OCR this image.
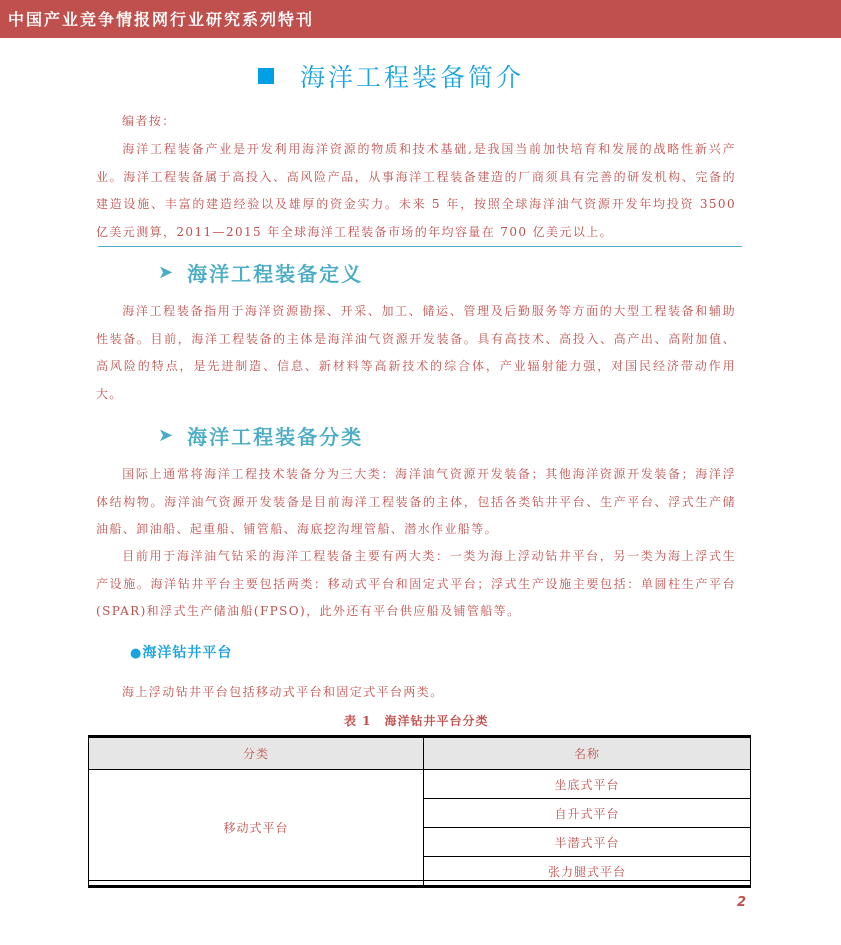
中国产业竞争情报网行业研究系列特刊
海洋工程装备简介

编者按：

海洋工程装备产业是开发利用海洋资源的物质和技术基础,是我国当前加快培育和发展的战略性新兴产业。海洋工程装备属于高投入、高风险产品，从事海洋工程装备建造的厂商须具有完善的研发机构、完备的建造设施、丰富的建造经验以及雄厚的资金实力。未来 5 年，按照全球海洋油气资源开发年均投资 3500 亿美元测算，2011—2015 年全球海洋工程装备市场的年均容量在 700 亿美元以上。

➤ 海洋工程装备定义

海洋工程装备指用于海洋资源勘探、开采、加工、储运、管理及后勤服务等方面的大型工程装备和辅助性装备。目前，海洋工程装备的主体是海洋油气资源开发装备。具有高技术、高投入、高产出、高附加值、高风险的特点，是先进制造、信息、新材料等高新技术的综合体，产业辐射能力强，对国民经济带动作用大。

➤ 海洋工程装备分类

国际上通常将海洋工程技术装备分为三大类：海洋油气资源开发装备；其他海洋资源开发装备；海洋浮体结构物。海洋油气资源开发装备是目前海洋工程装备的主体，包括各类钻井平台、生产平台、浮式生产储油船、卸油船、起重船、铺管船、海底挖沟埋管船、潜水作业船等。

目前用于海洋油气钻采的海洋工程装备主要有两大类：一类为海上浮动钻井平台，另一类为海上浮式生产设施。海洋钻井平台主要包括两类：移动式平台和固定式平台；浮式生产设施主要包括：单圆柱生产平台(SPAR)和浮式生产储油船(FPSO)，此外还有平台供应船及铺管船等。

●海洋钻井平台

海上浮动钻井平台包括移动式平台和固定式平台两类。

表 1　海洋钻井平台分类
分类	名称
移动式平台	坐底式平台
	自升式平台
	半潜式平台
	张力腿式平台
2
